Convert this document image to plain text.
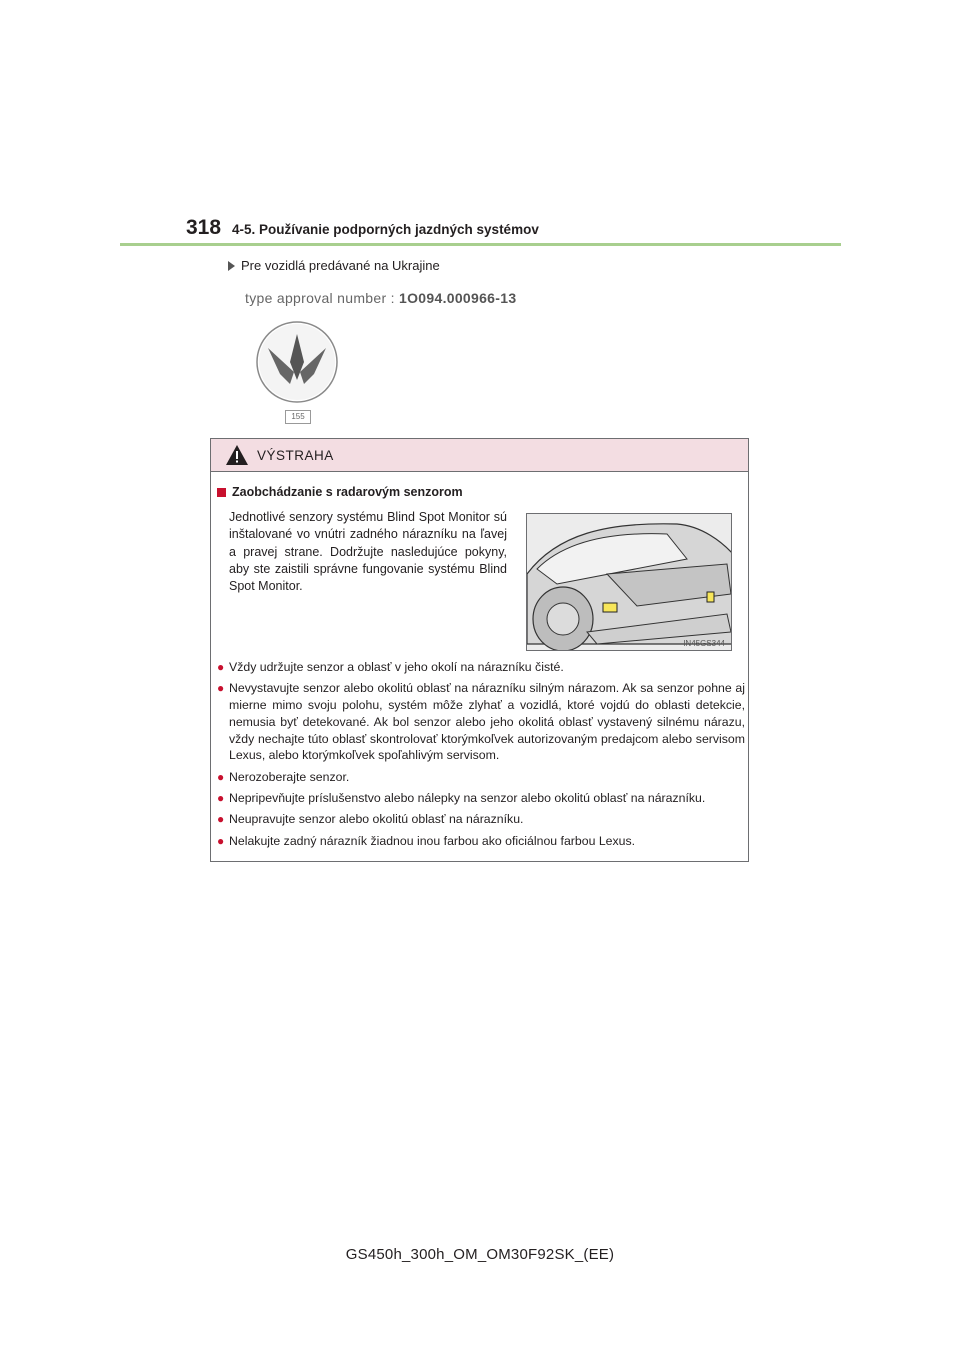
318 4-5. Používanie podporných jazdných systémov
Pre vozidlá predávané na Ukrajine
type approval number : 1O094.000966-13
155
VÝSTRAHA
Zaobchádzanie s radarovým senzorom
Jednotlivé senzory systému Blind Spot Monitor sú inštalované vo vnútri zadného nárazníku na ľavej a pravej strane. Dodržujte nasledujúce pokyny, aby ste zaistili správne fungovanie systému Blind Spot Monitor.
IN45GS344
● Vždy udržujte senzor a oblasť v jeho okolí na nárazníku čisté.
● Nevystavujte senzor alebo okolitú oblasť na nárazníku silným nárazom. Ak sa senzor pohne aj mierne mimo svoju polohu, systém môže zlyhať a vozidlá, ktoré vojdú do oblasti detekcie, nemusia byť detekované. Ak bol senzor alebo jeho okolitá oblasť vystavený silnému nárazu, vždy nechajte túto oblasť skontrolovať ktorýmkoľvek autorizovaným predajcom alebo servisom Lexus, alebo ktorýmkoľvek spoľahlivým servisom.
● Nerozoberajte senzor.
● Nepripevňujte príslušenstvo alebo nálepky na senzor alebo okolitú oblasť na nárazníku.
● Neupravujte senzor alebo okolitú oblasť na nárazníku.
● Nelakujte zadný nárazník žiadnou inou farbou ako oficiálnou farbou Lexus.
GS450h_300h_OM_OM30F92SK_(EE)
